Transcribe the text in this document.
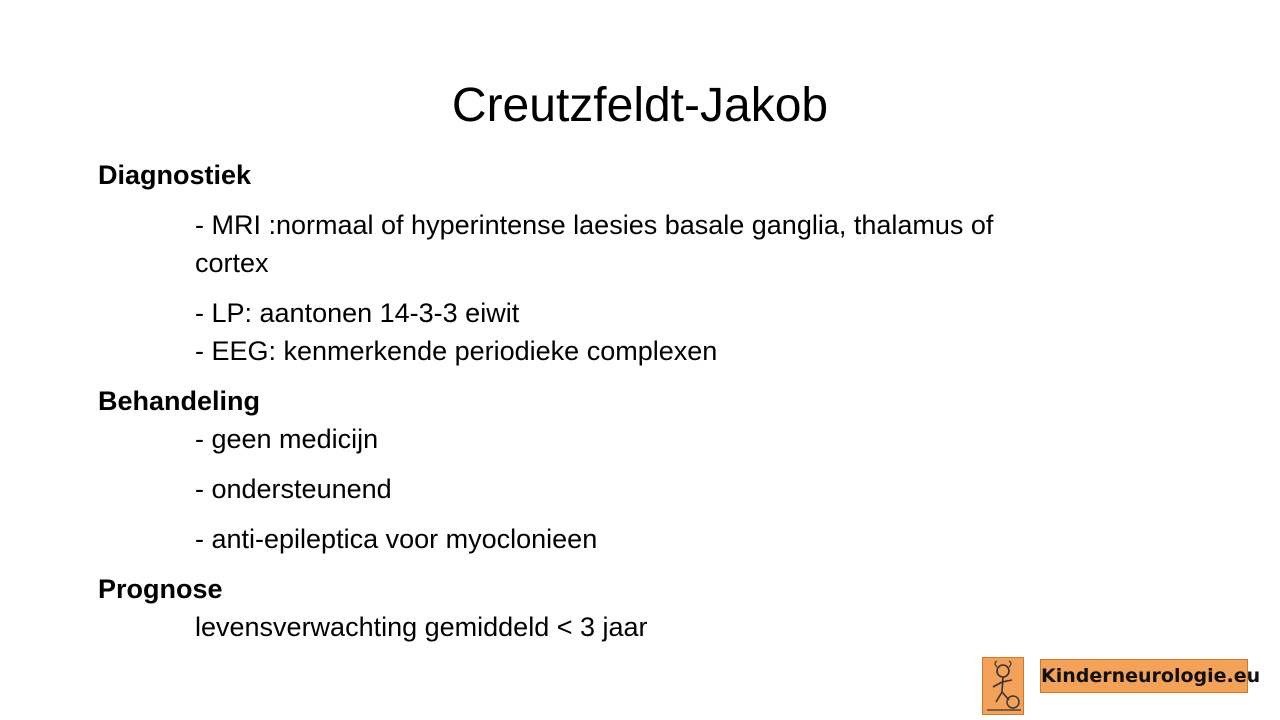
Creutzfeldt-Jakob
Diagnostiek
- MRI :normaal of hyperintense laesies basale ganglia, thalamus of
cortex
- LP: aantonen 14-3-3 eiwit
- EEG: kenmerkende periodieke complexen
Behandeling
- geen medicijn
- ondersteunend
- anti-epileptica voor myoclonieen
Prognose
levensverwachting gemiddeld < 3 jaar
Kinderneurologie.eu
